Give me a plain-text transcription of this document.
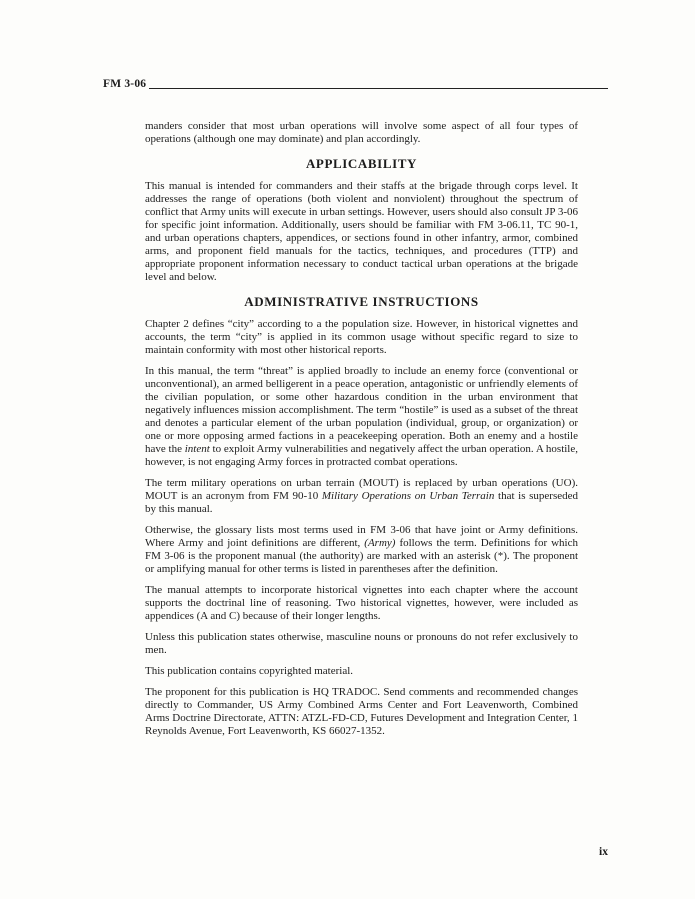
FM 3-06

manders consider that most urban operations will involve some aspect of all four types of operations (although one may dominate) and plan accordingly.

APPLICABILITY

This manual is intended for commanders and their staffs at the brigade through corps level. It addresses the range of operations (both violent and nonviolent) throughout the spectrum of conflict that Army units will execute in urban settings. However, users should also consult JP 3-06 for specific joint information. Additionally, users should be familiar with FM 3-06.11, TC 90-1, and urban operations chapters, appendices, or sections found in other infantry, armor, combined arms, and proponent field manuals for the tactics, techniques, and procedures (TTP) and appropriate proponent information necessary to conduct tactical urban operations at the brigade level and below.

ADMINISTRATIVE INSTRUCTIONS

Chapter 2 defines “city” according to a the population size. However, in historical vignettes and accounts, the term “city” is applied in its common usage without specific regard to size to maintain conformity with most other historical reports.

In this manual, the term “threat” is applied broadly to include an enemy force (conventional or unconventional), an armed belligerent in a peace operation, antagonistic or unfriendly elements of the civilian population, or some other hazardous condition in the urban environment that negatively influences mission accomplishment. The term “hostile” is used as a subset of the threat and denotes a particular element of the urban population (individual, group, or organization) or one or more opposing armed factions in a peacekeeping operation. Both an enemy and a hostile have the intent to exploit Army vulnerabilities and negatively affect the urban operation. A hostile, however, is not engaging Army forces in protracted combat operations.

The term military operations on urban terrain (MOUT) is replaced by urban operations (UO). MOUT is an acronym from FM 90-10 Military Operations on Urban Terrain that is superseded by this manual.

Otherwise, the glossary lists most terms used in FM 3-06 that have joint or Army definitions. Where Army and joint definitions are different, (Army) follows the term. Definitions for which FM 3-06 is the proponent manual (the authority) are marked with an asterisk (*). The proponent or amplifying manual for other terms is listed in parentheses after the definition.

The manual attempts to incorporate historical vignettes into each chapter where the account supports the doctrinal line of reasoning. Two historical vignettes, however, were included as appendices (A and C) because of their longer lengths.

Unless this publication states otherwise, masculine nouns or pronouns do not refer exclusively to men.

This publication contains copyrighted material.

The proponent for this publication is HQ TRADOC. Send comments and recommended changes directly to Commander, US Army Combined Arms Center and Fort Leavenworth, Combined Arms Doctrine Directorate, ATTN: ATZL-FD-CD, Futures Development and Integration Center, 1 Reynolds Avenue, Fort Leavenworth, KS 66027-1352.

ix
